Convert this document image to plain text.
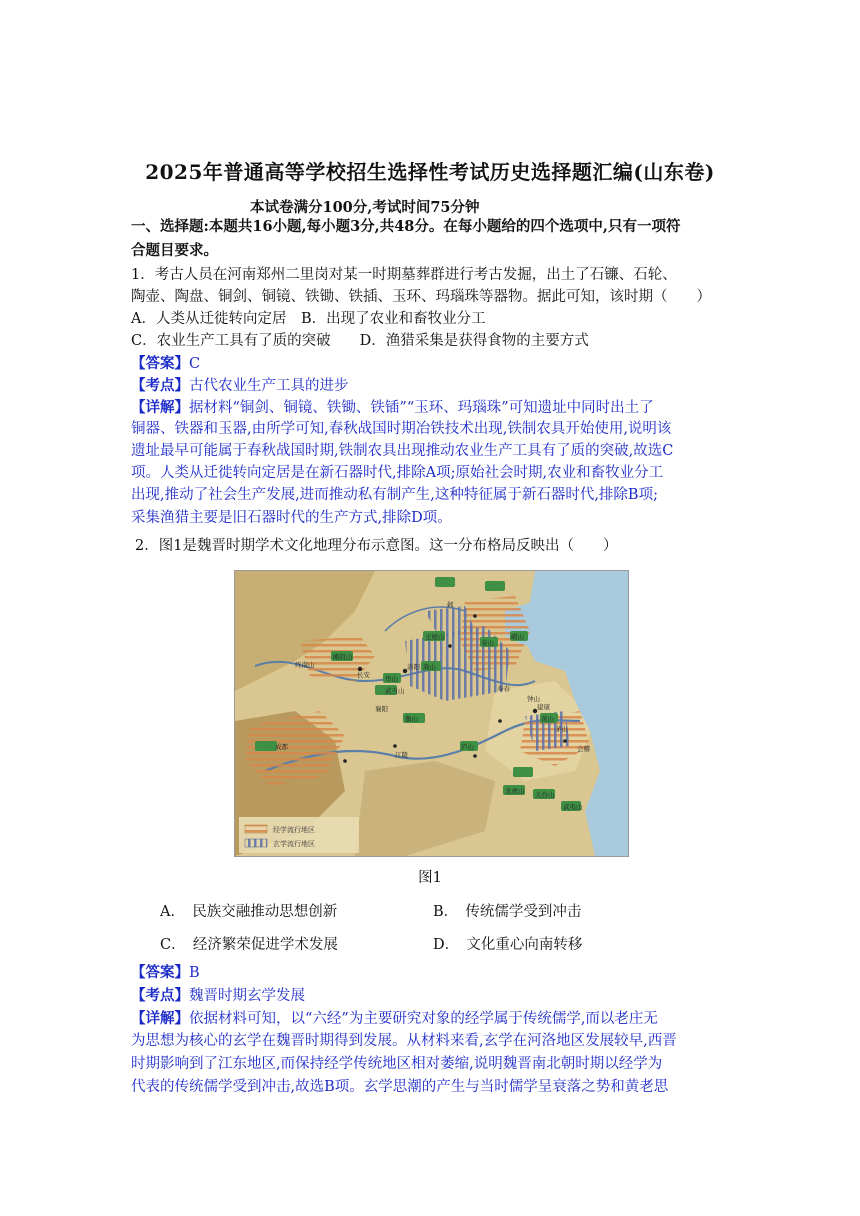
2025年普通高等学校招生选择性考试历史选择题汇编(山东卷)
本试卷满分100分,考试时间75分钟
一、选择题:本题共16小题,每小题3分,共48分。在每小题给的四个选项中,只有一项符
合题目要求。
1．考古人员在河南郑州二里岗对某一时期墓葬群进行考古发掘，出土了石镰、石轮、
陶壶、陶盘、铜剑、铜镜、铁锄、铁插、玉环、玛瑙珠等器物。据此可知，该时期（　　）
A．人类从迁徙转向定居　B．出现了农业和畜牧业分工
C．农业生产工具有了质的突破　　D．渔猎采集是获得食物的主要方式
【答案】C
【考点】古代农业生产工具的进步
【详解】据材料“铜剑、铜镜、铁锄、铁锸”“玉环、玛瑙珠”可知遗址中同时出土了
铜器、铁器和玉器,由所学可知,春秋战国时期冶铁技术出现,铁制农具开始使用,说明该
遗址最早可能属于春秋战国时期,铁制农具出现推动农业生产工具有了质的突破,故选C
项。人类从迁徙转向定居是在新石器时代,排除A项;原始社会时期,农业和畜牧业分工
出现,推动了社会生产发展,进而推动私有制产生,这种特征属于新石器时代,排除B项;
采集渔猎主要是旧石器时代的生产方式,排除D项。
2．图1是魏晋时期学术文化地理分布示意图。这一分布格局反映出（　　）
经学流行地区
玄学流行地区
洛阳
长安
建康
华山
泰山
嵩山
衡山
庐山
峨眉山
终南山
武当山
天台山
龙虎山
王屋山	崂山
武夷山
黄山
茅山
钟山
邺
江陵
成都
襄阳
会稽
寿春
图1
A．　民族交融推动思想创新	B．　传统儒学受到冲击
C．　经济繁荣促进学术发展	D．　文化重心向南转移
【答案】B
【考点】魏晋时期玄学发展
【详解】依据材料可知，以“六经”为主要研究对象的经学属于传统儒学,而以老庄无
为思想为核心的玄学在魏晋时期得到发展。从材料来看,玄学在河洛地区发展较早,西晋
时期影响到了江东地区,而保持经学传统地区相对萎缩,说明魏晋南北朝时期以经学为
代表的传统儒学受到冲击,故选B项。玄学思潮的产生与当时儒学呈衰落之势和黄老思
